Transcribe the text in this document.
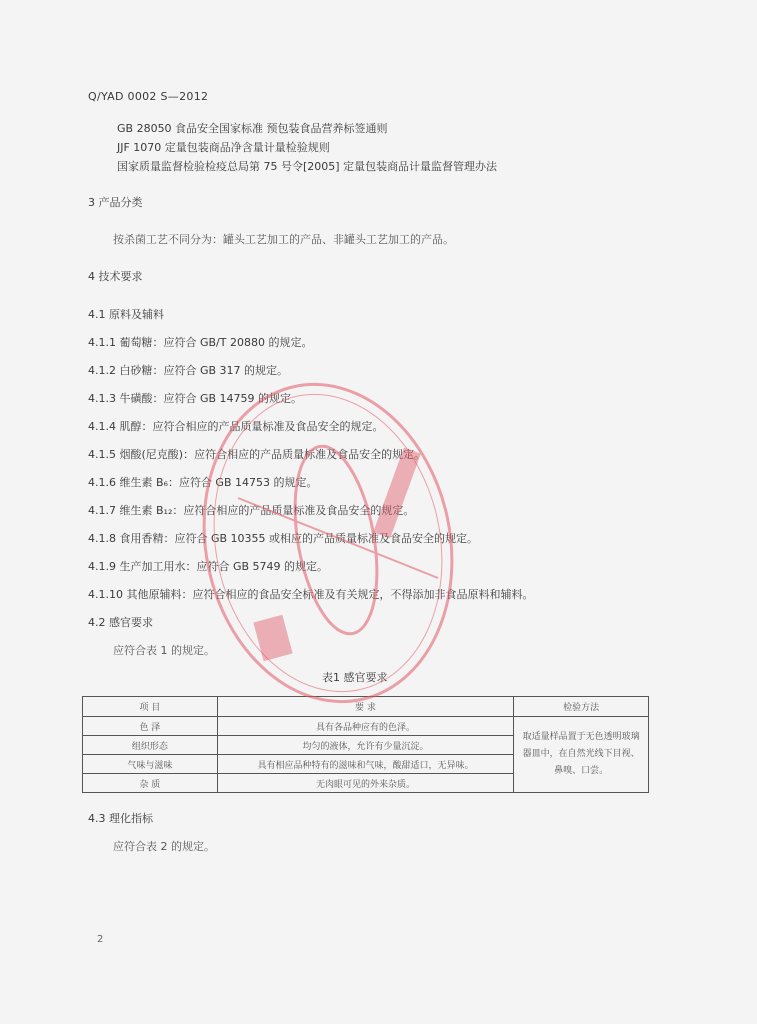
Q/YAD 0002 S—2012
GB 28050 食品安全国家标准 预包装食品营养标签通则
JJF 1070 定量包装商品净含量计量检验规则
国家质量监督检验检疫总局第 75 号令[2005] 定量包装商品计量监督管理办法
3 产品分类
按杀菌工艺不同分为：罐头工艺加工的产品、非罐头工艺加工的产品。
4 技术要求
4.1 原料及辅料
4.1.1 葡萄糖：应符合 GB/T 20880 的规定。
4.1.2 白砂糖：应符合 GB 317 的规定。
4.1.3 牛磺酸：应符合 GB 14759 的规定。
4.1.4 肌醇：应符合相应的产品质量标准及食品安全的规定。
4.1.5 烟酸(尼克酸)：应符合相应的产品质量标准及食品安全的规定。
4.1.6 维生素 B₆：应符合 GB 14753 的规定。
4.1.7 维生素 B₁₂：应符合相应的产品质量标准及食品安全的规定。
4.1.8 食用香精：应符合 GB 10355 或相应的产品质量标准及食品安全的规定。
4.1.9 生产加工用水：应符合 GB 5749 的规定。
4.1.10 其他原辅料：应符合相应的食品安全标准及有关规定，不得添加非食品原料和辅料。
4.2 感官要求
应符合表 1 的规定。
表1 感官要求
项 目	要 求	检验方法
色 泽	具有各品种应有的色泽。	取适量样品置于无色透明玻璃器皿中，在自然光线下目视、鼻嗅、口尝。
组织形态	均匀的液体，允许有少量沉淀。	
气味与滋味	具有相应品种特有的滋味和气味，酸甜适口，无异味。	
杂 质	无肉眼可见的外来杂质。	
4.3 理化指标
应符合表 2 的规定。
2
